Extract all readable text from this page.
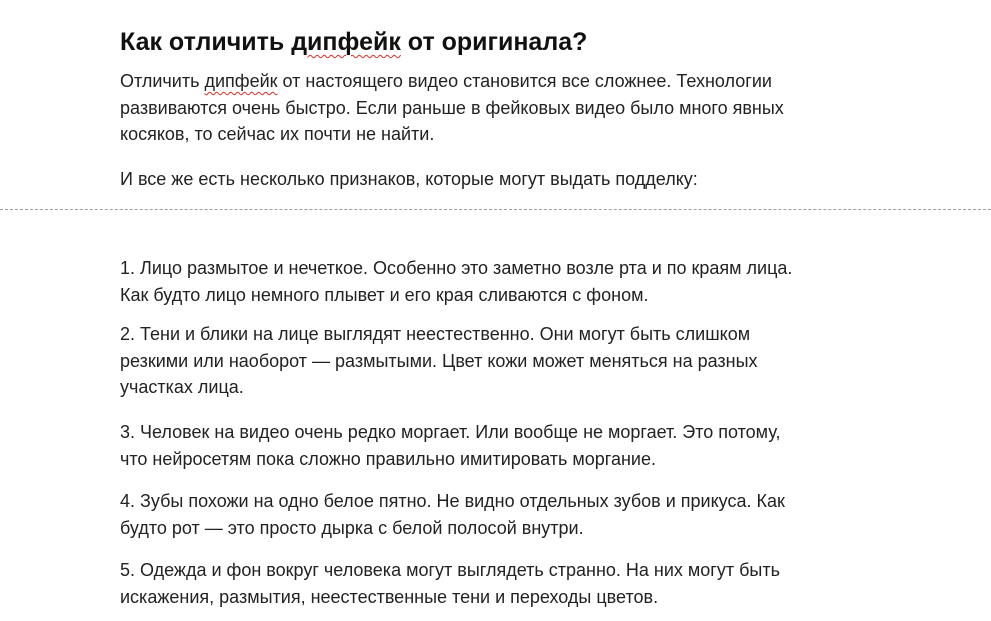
Как отличить дипфейк от оригинала?

Отличить дипфейк от настоящего видео становится все сложнее. Технологии
развиваются очень быстро. Если раньше в фейковых видео было много явных
косяков, то сейчас их почти не найти.

И все же есть несколько признаков, которые могут выдать подделку:

1. Лицо размытое и нечеткое. Особенно это заметно возле рта и по краям лица.
Как будто лицо немного плывет и его края сливаются с фоном.

2. Тени и блики на лице выглядят неестественно. Они могут быть слишком
резкими или наоборот — размытыми. Цвет кожи может меняться на разных
участках лица.

3. Человек на видео очень редко моргает. Или вообще не моргает. Это потому,
что нейросетям пока сложно правильно имитировать моргание.

4. Зубы похожи на одно белое пятно. Не видно отдельных зубов и прикуса. Как
будто рот — это просто дырка с белой полосой внутри.

5. Одежда и фон вокруг человека могут выглядеть странно. На них могут быть
искажения, размытия, неестественные тени и переходы цветов.
